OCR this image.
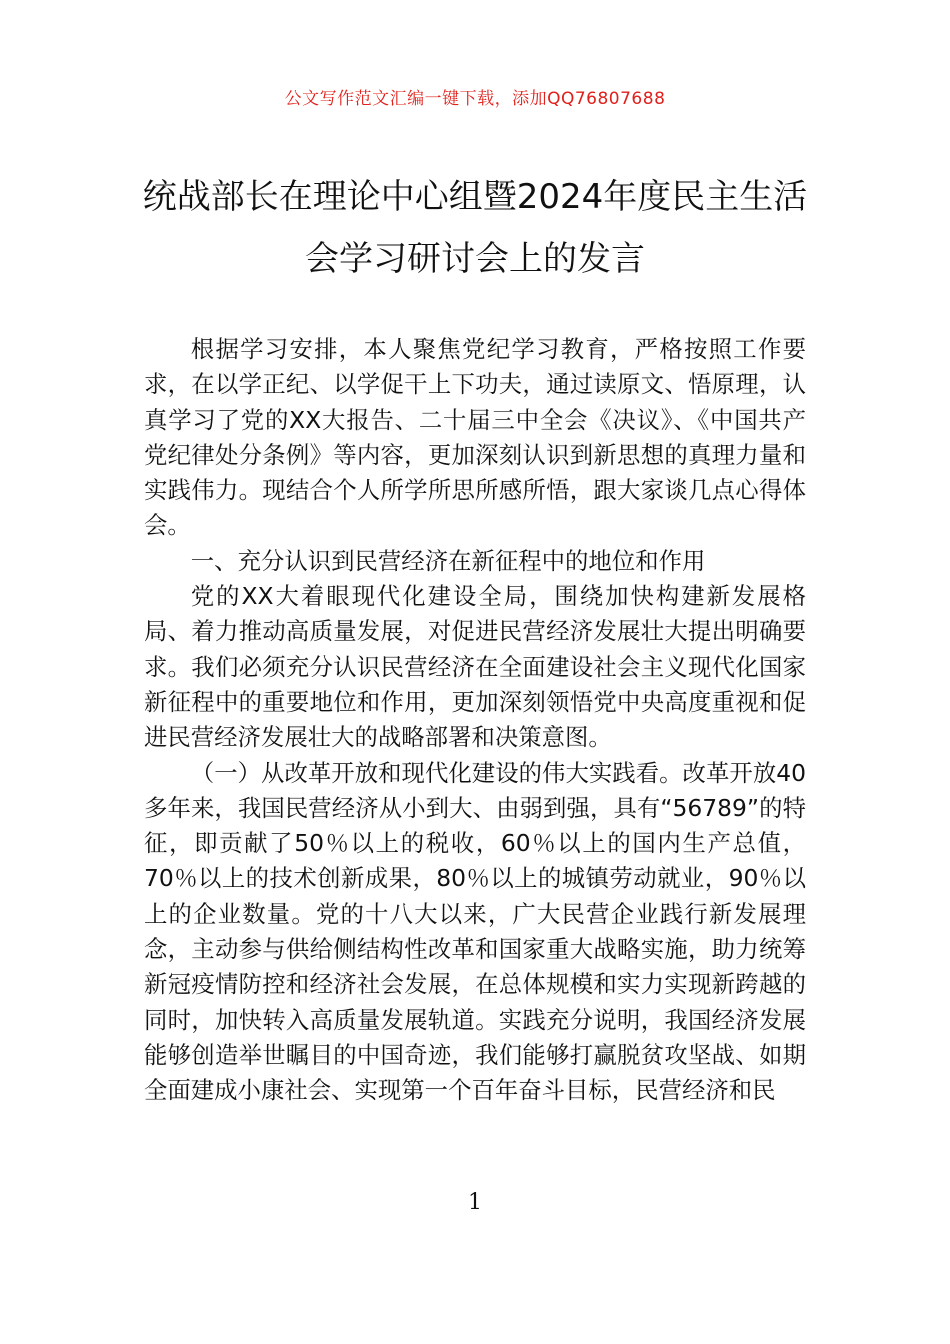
公文写作范文汇编一键下载，添加QQ76807688
统战部长在理论中心组暨2024年度民主生活会学习研讨会上的发言

根据学习安排，本人聚焦党纪学习教育，严格按照工作要求，在以学正纪、以学促干上下功夫，通过读原文、悟原理，认真学习了党的XX大报告、二十届三中全会《决议》、《中国共产党纪律处分条例》等内容，更加深刻认识到新思想的真理力量和实践伟力。现结合个人所学所思所感所悟，跟大家谈几点心得体会。

一、充分认识到民营经济在新征程中的地位和作用

党的XX大着眼现代化建设全局，围绕加快构建新发展格局、着力推动高质量发展，对促进民营经济发展壮大提出明确要求。我们必须充分认识民营经济在全面建设社会主义现代化国家新征程中的重要地位和作用，更加深刻领悟党中央高度重视和促进民营经济发展壮大的战略部署和决策意图。

（一）从改革开放和现代化建设的伟大实践看。改革开放40多年来，我国民营经济从小到大、由弱到强，具有“56789”的特征，即贡献了50％以上的税收，60％以上的国内生产总值，70％以上的技术创新成果，80％以上的城镇劳动就业，90％以上的企业数量。党的十八大以来，广大民营企业践行新发展理念，主动参与供给侧结构性改革和国家重大战略实施，助力统筹新冠疫情防控和经济社会发展，在总体规模和实力实现新跨越的同时，加快转入高质量发展轨道。实践充分说明，我国经济发展能够创造举世瞩目的中国奇迹，我们能够打赢脱贫攻坚战、如期全面建成小康社会、实现第一个百年奋斗目标，民营经济和民

1
